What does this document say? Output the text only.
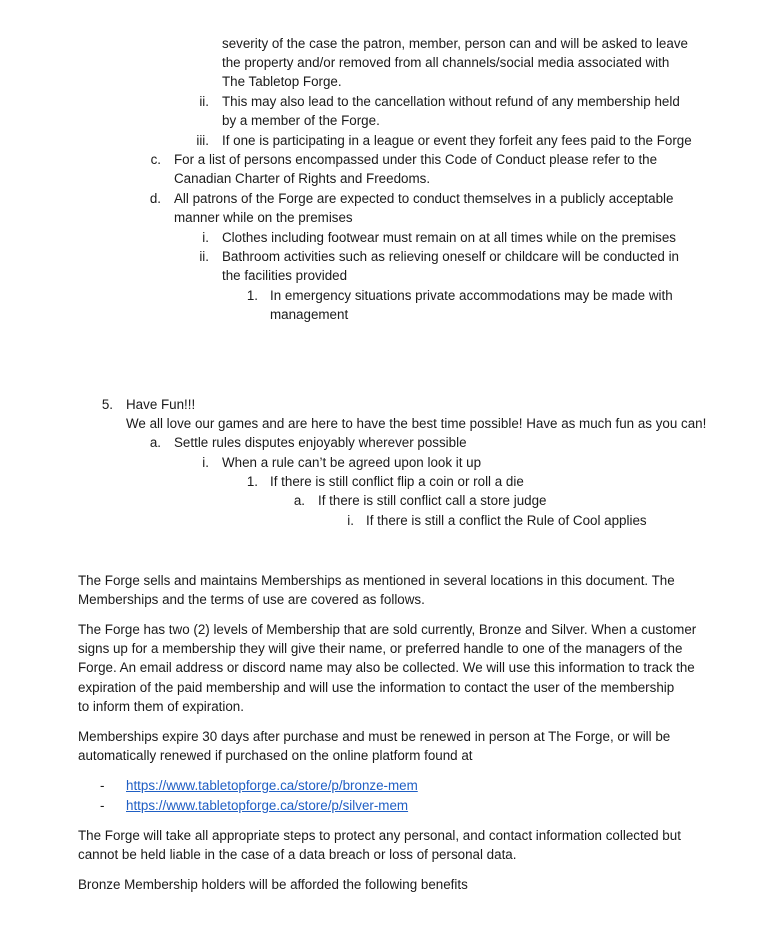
severity of the case the patron, member, person can and will be asked to leave
the property and/or removed from all channels/social media associated with
The Tabletop Forge.
ii. This may also lead to the cancellation without refund of any membership held
by a member of the Forge.
iii. If one is participating in a league or event they forfeit any fees paid to the Forge
c. For a list of persons encompassed under this Code of Conduct please refer to the
Canadian Charter of Rights and Freedoms.
d. All patrons of the Forge are expected to conduct themselves in a publicly acceptable
manner while on the premises
i. Clothes including footwear must remain on at all times while on the premises
ii. Bathroom activities such as relieving oneself or childcare will be conducted in
the facilities provided
1. In emergency situations private accommodations may be made with
management
5. Have Fun!!!
We all love our games and are here to have the best time possible! Have as much fun as you can!
a. Settle rules disputes enjoyably wherever possible
i. When a rule can’t be agreed upon look it up
1. If there is still conflict flip a coin or roll a die
a. If there is still conflict call a store judge
i. If there is still a conflict the Rule of Cool applies
The Forge sells and maintains Memberships as mentioned in several locations in this document. The
Memberships and the terms of use are covered as follows.
The Forge has two (2) levels of Membership that are sold currently, Bronze and Silver. When a customer
signs up for a membership they will give their name, or preferred handle to one of the managers of the
Forge. An email address or discord name may also be collected. We will use this information to track the
expiration of the paid membership and will use the information to contact the user of the membership
to inform them of expiration.
Memberships expire 30 days after purchase and must be renewed in person at The Forge, or will be
automatically renewed if purchased on the online platform found at
- https://www.tabletopforge.ca/store/p/bronze-mem
- https://www.tabletopforge.ca/store/p/silver-mem
The Forge will take all appropriate steps to protect any personal, and contact information collected but
cannot be held liable in the case of a data breach or loss of personal data.
Bronze Membership holders will be afforded the following benefits
